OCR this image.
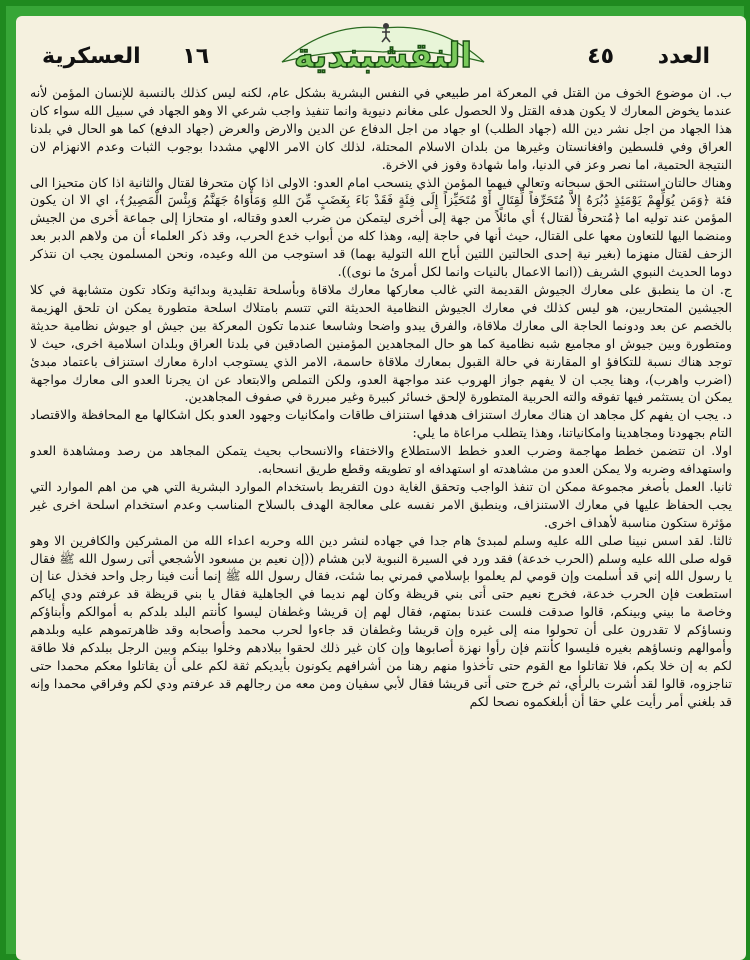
١٦ العسكرية	النقشبندية	العدد ٤٥

ب. ان موضوع الخوف من القتل في المعركة امر طبيعي في النفس البشرية بشكل عام، لكنه ليس كذلك بالنسبة للإنسان المؤمن لأنه عندما يخوض المعارك لا يكون هدفه القتل ولا الحصول على مغانم دنيوية وانما تنفيذ واجب شرعي الا وهو الجهاد في سبيل الله سواء كان هذا الجهاد من اجل نشر دين الله (جهاد الطلب) او جهاد من اجل الدفاع عن الدين والارض والعرض (جهاد الدفع) كما هو الحال في بلدنا العراق وفي فلسطين وافغانستان وغيرها من بلدان الاسلام المحتلة، لذلك كان الامر الالهي مشددا بوجوب الثبات وعدم الانهزام لان النتيجة الحتمية، اما نصر وعز في الدنيا، واما شهادة وفوز في الاخرة.

وهناك حالتان استثنى الحق سبحانه وتعالى فيهما المؤمن الذي ينسحب امام العدو: الاولى اذا كان متحرفا لقتال والثانية اذا كان متحيزا الى فئة ﴿وَمَن يُوَلِّهِمْ يَوْمَئِذٍ دُبُرَهُ إِلاَّ مُتَحَرِّفاً لِّقِتَالٍ أَوْ مُتَحَيِّزاً إِلَى فِئَةٍ فَقَدْ بَاءَ بِغَضَبٍ مِّنَ اللهِ وَمَأْوَاهُ جَهَنَّمُ وَبِئْسَ الْمَصِيرُ﴾، اي الا ان يكون المؤمن عند توليه اما ﴿مُتحرفاً لقتال﴾ أي مائلاً من جهة إلى أخرى ليتمكن من ضرب العدو وقتاله، او متحازا إلى جماعة أخرى من الجيش ومنضما اليها للتعاون معها على القتال، حيث أنها في حاجة إليه، وهذا كله من أبواب خدع الحرب، وقد ذكر العلماء أن من ولاهم الدبر بعد الزحف لقتال منهزما (بغير نية إحدى الحالتين اللتين أباح الله التولية بهما) قد استوجب من الله وعيده، ونحن المسلمون يجب ان نتذكر دوما الحديث النبوي الشريف ((انما الاعمال بالنيات وانما لكل أمرئ ما نوى)).

ج. ان ما ينطبق على معارك الجيوش القديمة التي غالب معاركها معارك ملاقاة وبأسلحة تقليدية وبدائية وتكاد تكون متشابهة في كلا الجيشين المتحاربين، هو ليس كذلك في معارك الجيوش النظامية الحديثة التي تتسم بامتلاك اسلحة متطورة يمكن ان تلحق الهزيمة بالخصم عن بعد ودونما الحاجة الى معارك ملاقاة، والفرق يبدو واضحا وشاسعا عندما تكون المعركة بين جيش او جيوش نظامية حديثة ومتطورة وبين جيوش او مجاميع شبه نظامية كما هو حال المجاهدين المؤمنين الصادقين في بلدنا العراق وبلدان اسلامية اخرى، حيث لا توجد هناك نسبة للتكافؤ او المقارنة في حالة القبول بمعارك ملاقاة حاسمة، الامر الذي يستوجب ادارة معارك استنزاف باعتماد مبدئ (اضرب واهرب)، وهنا يجب ان لا يفهم جواز الهروب عند مواجهة العدو، ولكن التملص والابتعاد عن ان يجرنا العدو الى معارك مواجهة يمكن ان يستثمر فيها تفوقه والته الحربية المتطورة لإلحق خسائر كبيرة وغير مبررة في صفوف المجاهدين.

د. يجب ان يفهم كل مجاهد ان هناك معارك استنزاف هدفها استنزاف طاقات وامكانيات وجهود العدو بكل اشكالها مع المحافظة والاقتصاد التام بجهودنا ومجاهدينا وامكانياتنا، وهذا يتطلب مراعاة ما يلي:

اولا. ان تتضمن خطط مهاجمة وضرب العدو خطط الاستطلاع والاختفاء والانسحاب بحيث يتمكن المجاهد من رصد ومشاهدة العدو واستهدافه وضربه ولا يمكن العدو من مشاهدته او استهدافه او تطويقه وقطع طريق انسحابه.

ثانيا. العمل بأصغر مجموعة ممكن ان تنفذ الواجب وتحقق الغاية دون التفريط باستخدام الموارد البشرية التي هي من اهم الموارد التي يجب الحفاظ عليها في معارك الاستنزاف، وينطبق الامر نفسه على معالجة الهدف بالسلاح المناسب وعدم استخدام اسلحة اخرى غير مؤثرة ستكون مناسبة لأهداف اخرى.

ثالثا. لقد اسس نبينا صلى الله عليه وسلم لمبدئ هام جدا في جهاده لنشر دين الله وحربه اعداء الله من المشركين والكافرين الا وهو قوله صلى الله عليه وسلم (الحرب خدعة) فقد ورد في السيرة النبوية لابن هشام ((إن نعيم بن مسعود الأشجعي أتى رسول الله ﷺ فقال يا رسول الله إني قد أسلمت وإن قومي لم يعلموا بإسلامي فمرني بما شئت، فقال رسول الله ﷺ إنما أنت فينا رجل واحد فخذل عنا إن استطعت فإن الحرب خدعة، فخرج نعيم حتى أتى بني قريظة وكان لهم نديما في الجاهلية فقال يا بني قريظة قد عرفتم ودي إياكم وخاصة ما بيني وبينكم، قالوا صدقت فلست عندنا بمتهم، فقال لهم إن قريشا وغطفان ليسوا كأنتم البلد بلدكم به أموالكم وأبناؤكم ونساؤكم لا تقدرون على أن تحولوا منه إلى غيره وإن قريشا وغطفان قد جاءوا لحرب محمد وأصحابه وقد ظاهرتموهم عليه وبلدهم وأموالهم ونساؤهم بغيره فليسوا كأنتم فإن رأوا نهزة أصابوها وإن كان غير ذلك لحقوا ببلادهم وخلوا بينكم وبين الرجل ببلدكم فلا طاقة لكم به إن خلا بكم، فلا تقاتلوا مع القوم حتى تأخذوا منهم رهنا من أشرافهم يكونون بأيديكم ثقة لكم على أن يقاتلوا معكم محمدا حتى تناجزوه، قالوا لقد أشرت بالرأي، ثم خرج حتى أتى قريشا فقال لأبي سفيان ومن معه من رجالهم قد عرفتم ودي لكم وفراقي محمدا وإنه قد بلغني أمر رأيت علي حقا أن أبلغكموه نصحا لكم
